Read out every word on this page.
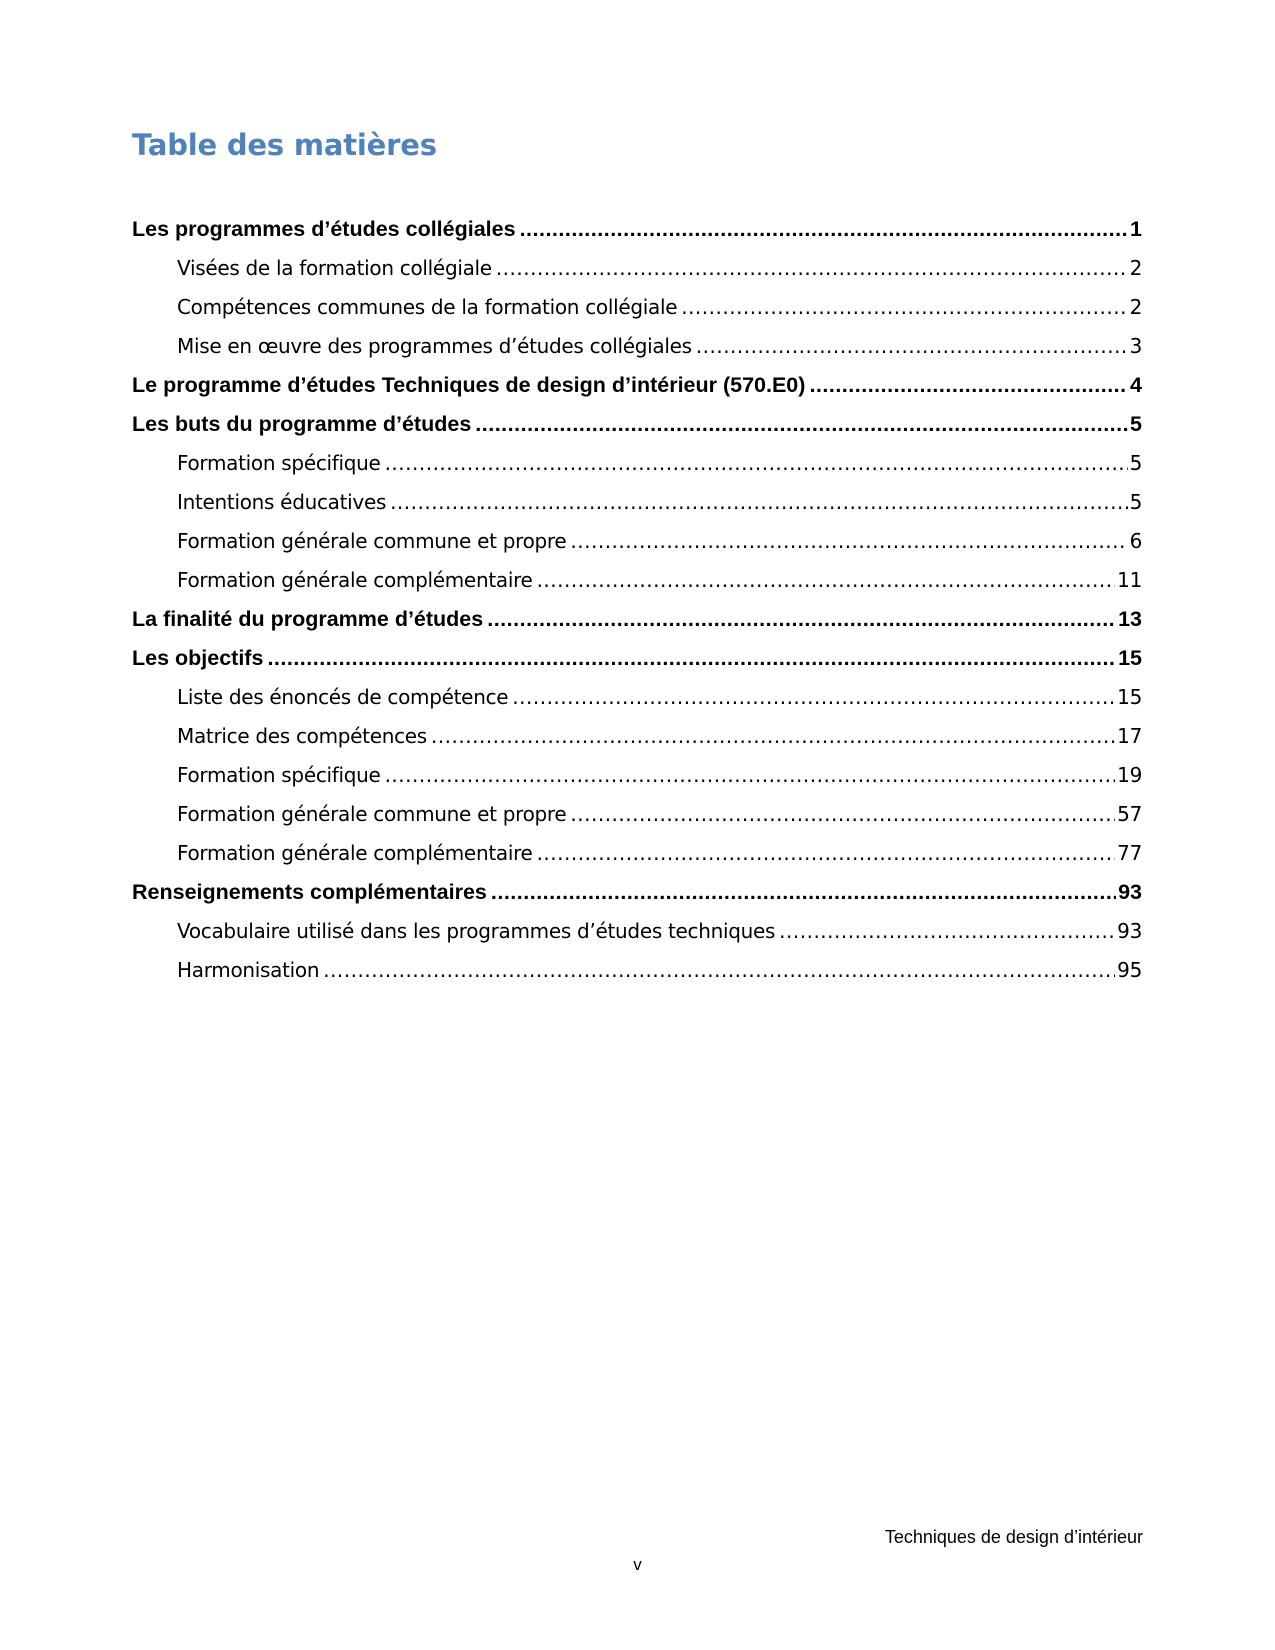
Table des matières
Les programmes d’études collégiales .....	1
Visées de la formation collégiale .....	2
Compétences communes de la formation collégiale .....	2
Mise en œuvre des programmes d’études collégiales .....	3
Le programme d’études Techniques de design d’intérieur (570.E0) .....	4
Les buts du programme d’études .....	5
Formation spécifique .....	5
Intentions éducatives .....	5
Formation générale commune et propre .....	6
Formation générale complémentaire .....	11
La finalité du programme d’études .....	13
Les objectifs .....	15
Liste des énoncés de compétence .....	15
Matrice des compétences .....	17
Formation spécifique .....	19
Formation générale commune et propre .....	57
Formation générale complémentaire .....	77
Renseignements complémentaires .....	93
Vocabulaire utilisé dans les programmes d’études techniques .....	93
Harmonisation .....	95

Techniques de design d’intérieur

v
